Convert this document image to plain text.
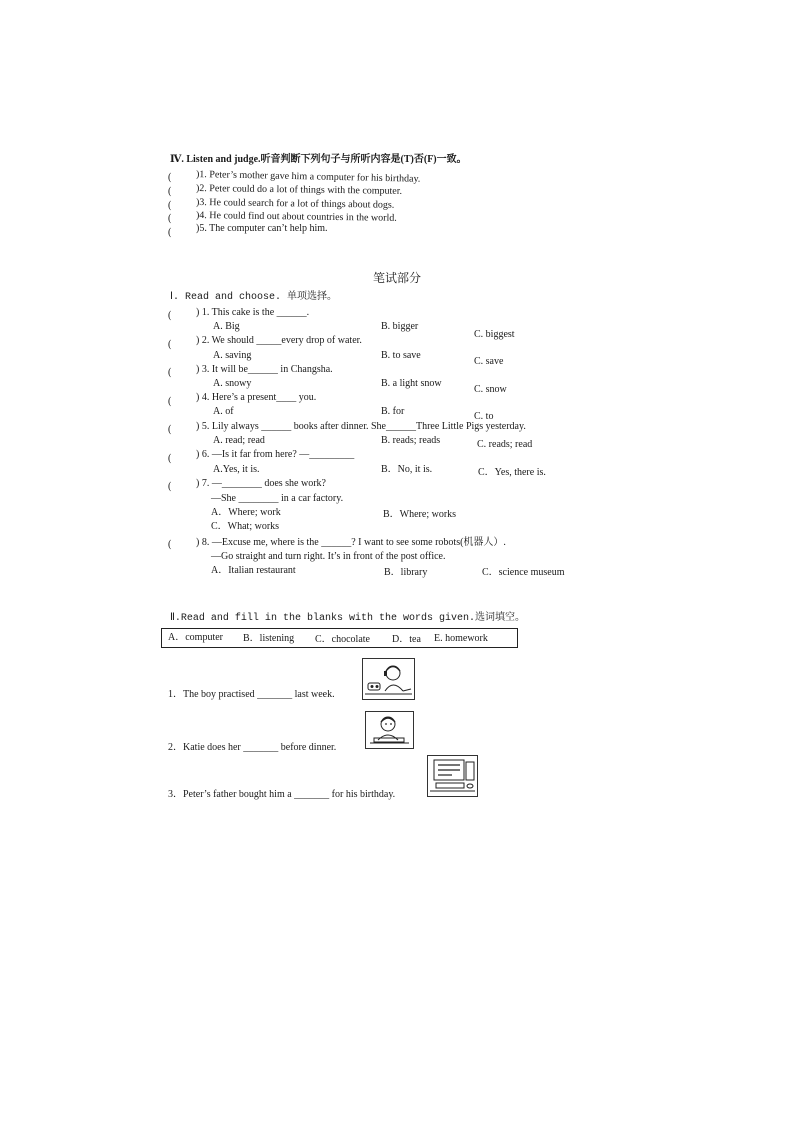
Ⅳ. Listen and judge.听音判断下列句子与所听内容是(T)否(F)一致。
( )1. Peter’s mother gave him a computer for his birthday.
( )2. Peter could do a lot of things with the computer.
( )3. He could search for a lot of things about dogs.
( )4. He could find out about countries in the world.
( )5. The computer can’t help him.
笔试部分
Ⅰ. Read and choose. 单项选择。
( ) 1. This cake is the ______.
A. Big	B. bigger
C. biggest
( ) 2. We should _____every drop of water.
A. saving	B. to save
C. save
( ) 3. It will be______ in Changsha.
A. snowy	B. a light snow
C. snow
( ) 4. Here’s a present____ you.
A. of	B. for	C. to
( ) 5. Lily always ______ books after dinner. She______Three Little Pigs yesterday.
A. read; read	B. reads; reads	C. reads; read
( ) 6. —Is it far from here? —_________
A.Yes, it is.	B．No, it is.	C．Yes, there is.
( ) 7. —________ does she work?
—She ________ in a car factory.
A．Where; work	B．Where; works
C．What; works
( ) 8. —Excuse me, where is the ______? I want to see some robots(机器人）.
—Go straight and turn right. It’s in front of the post office.
A．Italian restaurant	B．library	C．science museum
Ⅱ.Read and fill in the blanks with the words given.选词填空。
A．computer B．listening C．chocolate D．tea E. homework
1．The boy practised _______ last week.
2．Katie does her _______ before dinner.
3．Peter’s father bought him a _______ for his birthday.
